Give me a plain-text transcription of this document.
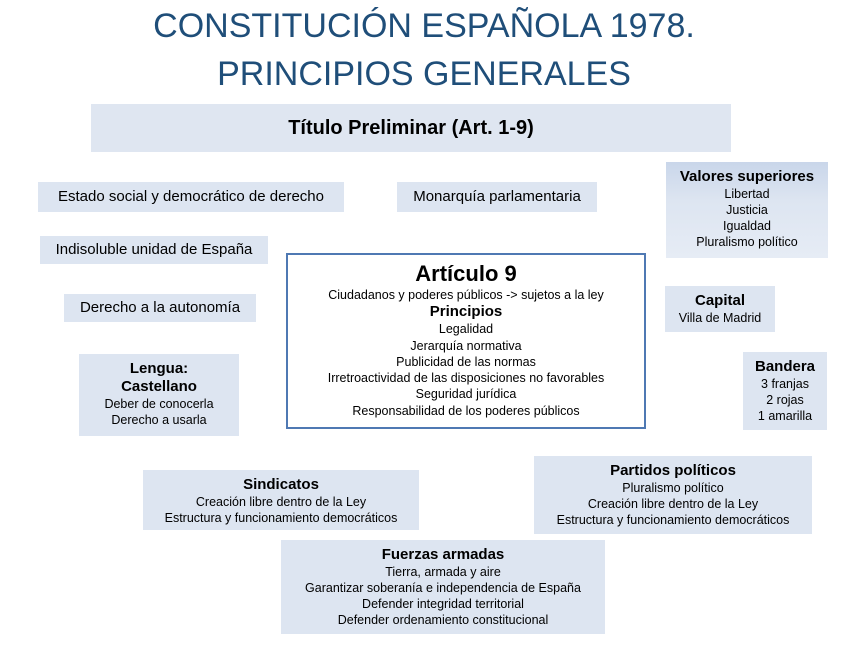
CONSTITUCIÓN ESPAÑOLA 1978.
PRINCIPIOS GENERALES
Título Preliminar (Art. 1-9)
Estado social y democrático de derecho	Monarquía parlamentaria
Indisoluble unidad de España
Derecho a la autonomía
Valores superiores
Libertad
Justicia
Igualdad
Pluralismo político
Capital
Villa de Madrid
Bandera
3 franjas
2 rojas
1 amarilla
Lengua:
Castellano
Deber de conocerla
Derecho a usarla
Artículo 9
Ciudadanos y poderes públicos -> sujetos a la ley
Principios
Legalidad
Jerarquía normativa
Publicidad de las normas
Irretroactividad de las disposiciones no favorables
Seguridad jurídica
Responsabilidad de los poderes públicos
Sindicatos
Creación libre dentro de la Ley
Estructura y funcionamiento democráticos
Partidos políticos
Pluralismo político
Creación libre dentro de la Ley
Estructura y funcionamiento democráticos
Fuerzas armadas
Tierra, armada y aire
Garantizar soberanía e independencia de España
Defender integridad territorial
Defender ordenamiento constitucional
